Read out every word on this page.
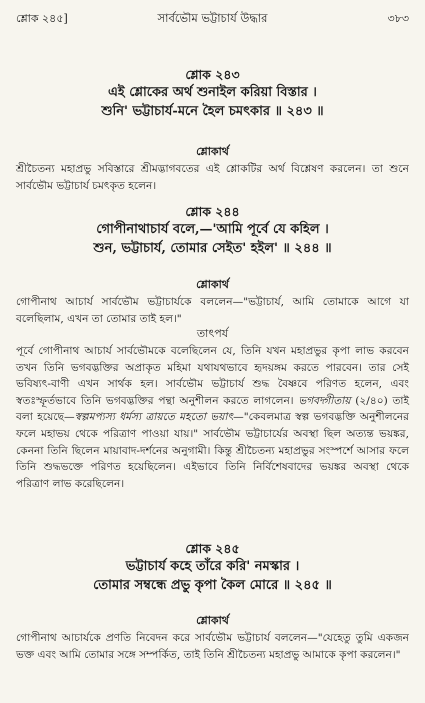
শ্লোক ২৪৫]	সার্বভৌম ভট্টাচার্য উদ্ধার	৩৮৩

শ্লোক ২৪৩

এই শ্লোকের অর্থ শুনাইল করিয়া বিস্তার ।

শুনি' ভট্টাচার্য-মনে হৈল চমৎকার ॥ ২৪৩ ॥

শ্লোকার্থ

শ্রীচৈতন্য মহাপ্রভু সবিস্তারে শ্রীমদ্ভাগবতের এই শ্লোকটির অর্থ বিশ্লেষণ করলেন। তা শুনে সার্বভৌম ভট্টাচার্য চমৎকৃত হলেন।

শ্লোক ২৪৪

গোপীনাথাচার্য বলে,—'আমি পূর্বে যে কহিল ।

শুন, ভট্টাচার্য, তোমার সেইত' হইল' ॥ ২৪৪ ॥

শ্লোকার্থ

গোপীনাথ আচার্য সার্বভৌম ভট্টাচার্যকে বললেন—"ভট্টাচার্য, আমি তোমাকে আগে যা বলেছিলাম, এখন তা তোমার তাই হল।"

তাৎপর্য

পূর্বে গোপীনাথ আচার্য সার্বভৌমকে বলেছিলেন যে, তিনি যখন মহাপ্রভুর কৃপা লাভ করবেন তখন তিনি ভগবদ্ভক্তির অপ্রাকৃত মহিমা যথাযথভাবে হৃদয়ঙ্গম করতে পারবেন। তার সেই ভবিষ্যৎ-বাণী এখন সার্থক হল। সার্বভৌম ভট্টাচার্য শুদ্ধ বৈষ্ণবে পরিণত হলেন, এবং স্বতঃস্ফূর্তভাবে তিনি ভগবদ্ভক্তির পন্থা অনুশীলন করতে লাগলেন। ভগবদ্গীতায় (২/৪০) তাই বলা হয়েছে—স্বল্পমপ্যস্য ধর্মস্য ত্রায়তে মহতো ভয়াৎ—"কেবলমাত্র স্বল্প ভগবদ্ভক্তি অনুশীলনের ফলে মহাভয় থেকে পরিত্রাণ পাওয়া যায়।" সার্বভৌম ভট্টাচার্যের অবস্থা ছিল অত্যন্ত ভয়ঙ্কর, কেননা তিনি ছিলেন মায়াবাদ-দর্শনের অনুগামী। কিন্তু শ্রীচৈতন্য মহাপ্রভুর সংস্পর্শে আসার ফলে তিনি শুদ্ধভক্তে পরিণত হয়েছিলেন। এইভাবে তিনি নির্বিশেষবাদের ভয়ঙ্কর অবস্থা থেকে পরিত্রাণ লাভ করেছিলেন।

শ্লোক ২৪৫

ভট্টাচার্য কহে তাঁরে করি' নমস্কার ।

তোমার সম্বন্ধে প্রভু কৃপা কৈল মোরে ॥ ২৪৫ ॥

শ্লোকার্থ

গোপীনাথ আচার্যকে প্রণতি নিবেদন করে সার্বভৌম ভট্টাচার্য বললেন—"যেহেতু তুমি একজন ভক্ত এবং আমি তোমার সঙ্গে সম্পর্কিত, তাই তিনি শ্রীচৈতন্য মহাপ্রভু আমাকে কৃপা করলেন।"
